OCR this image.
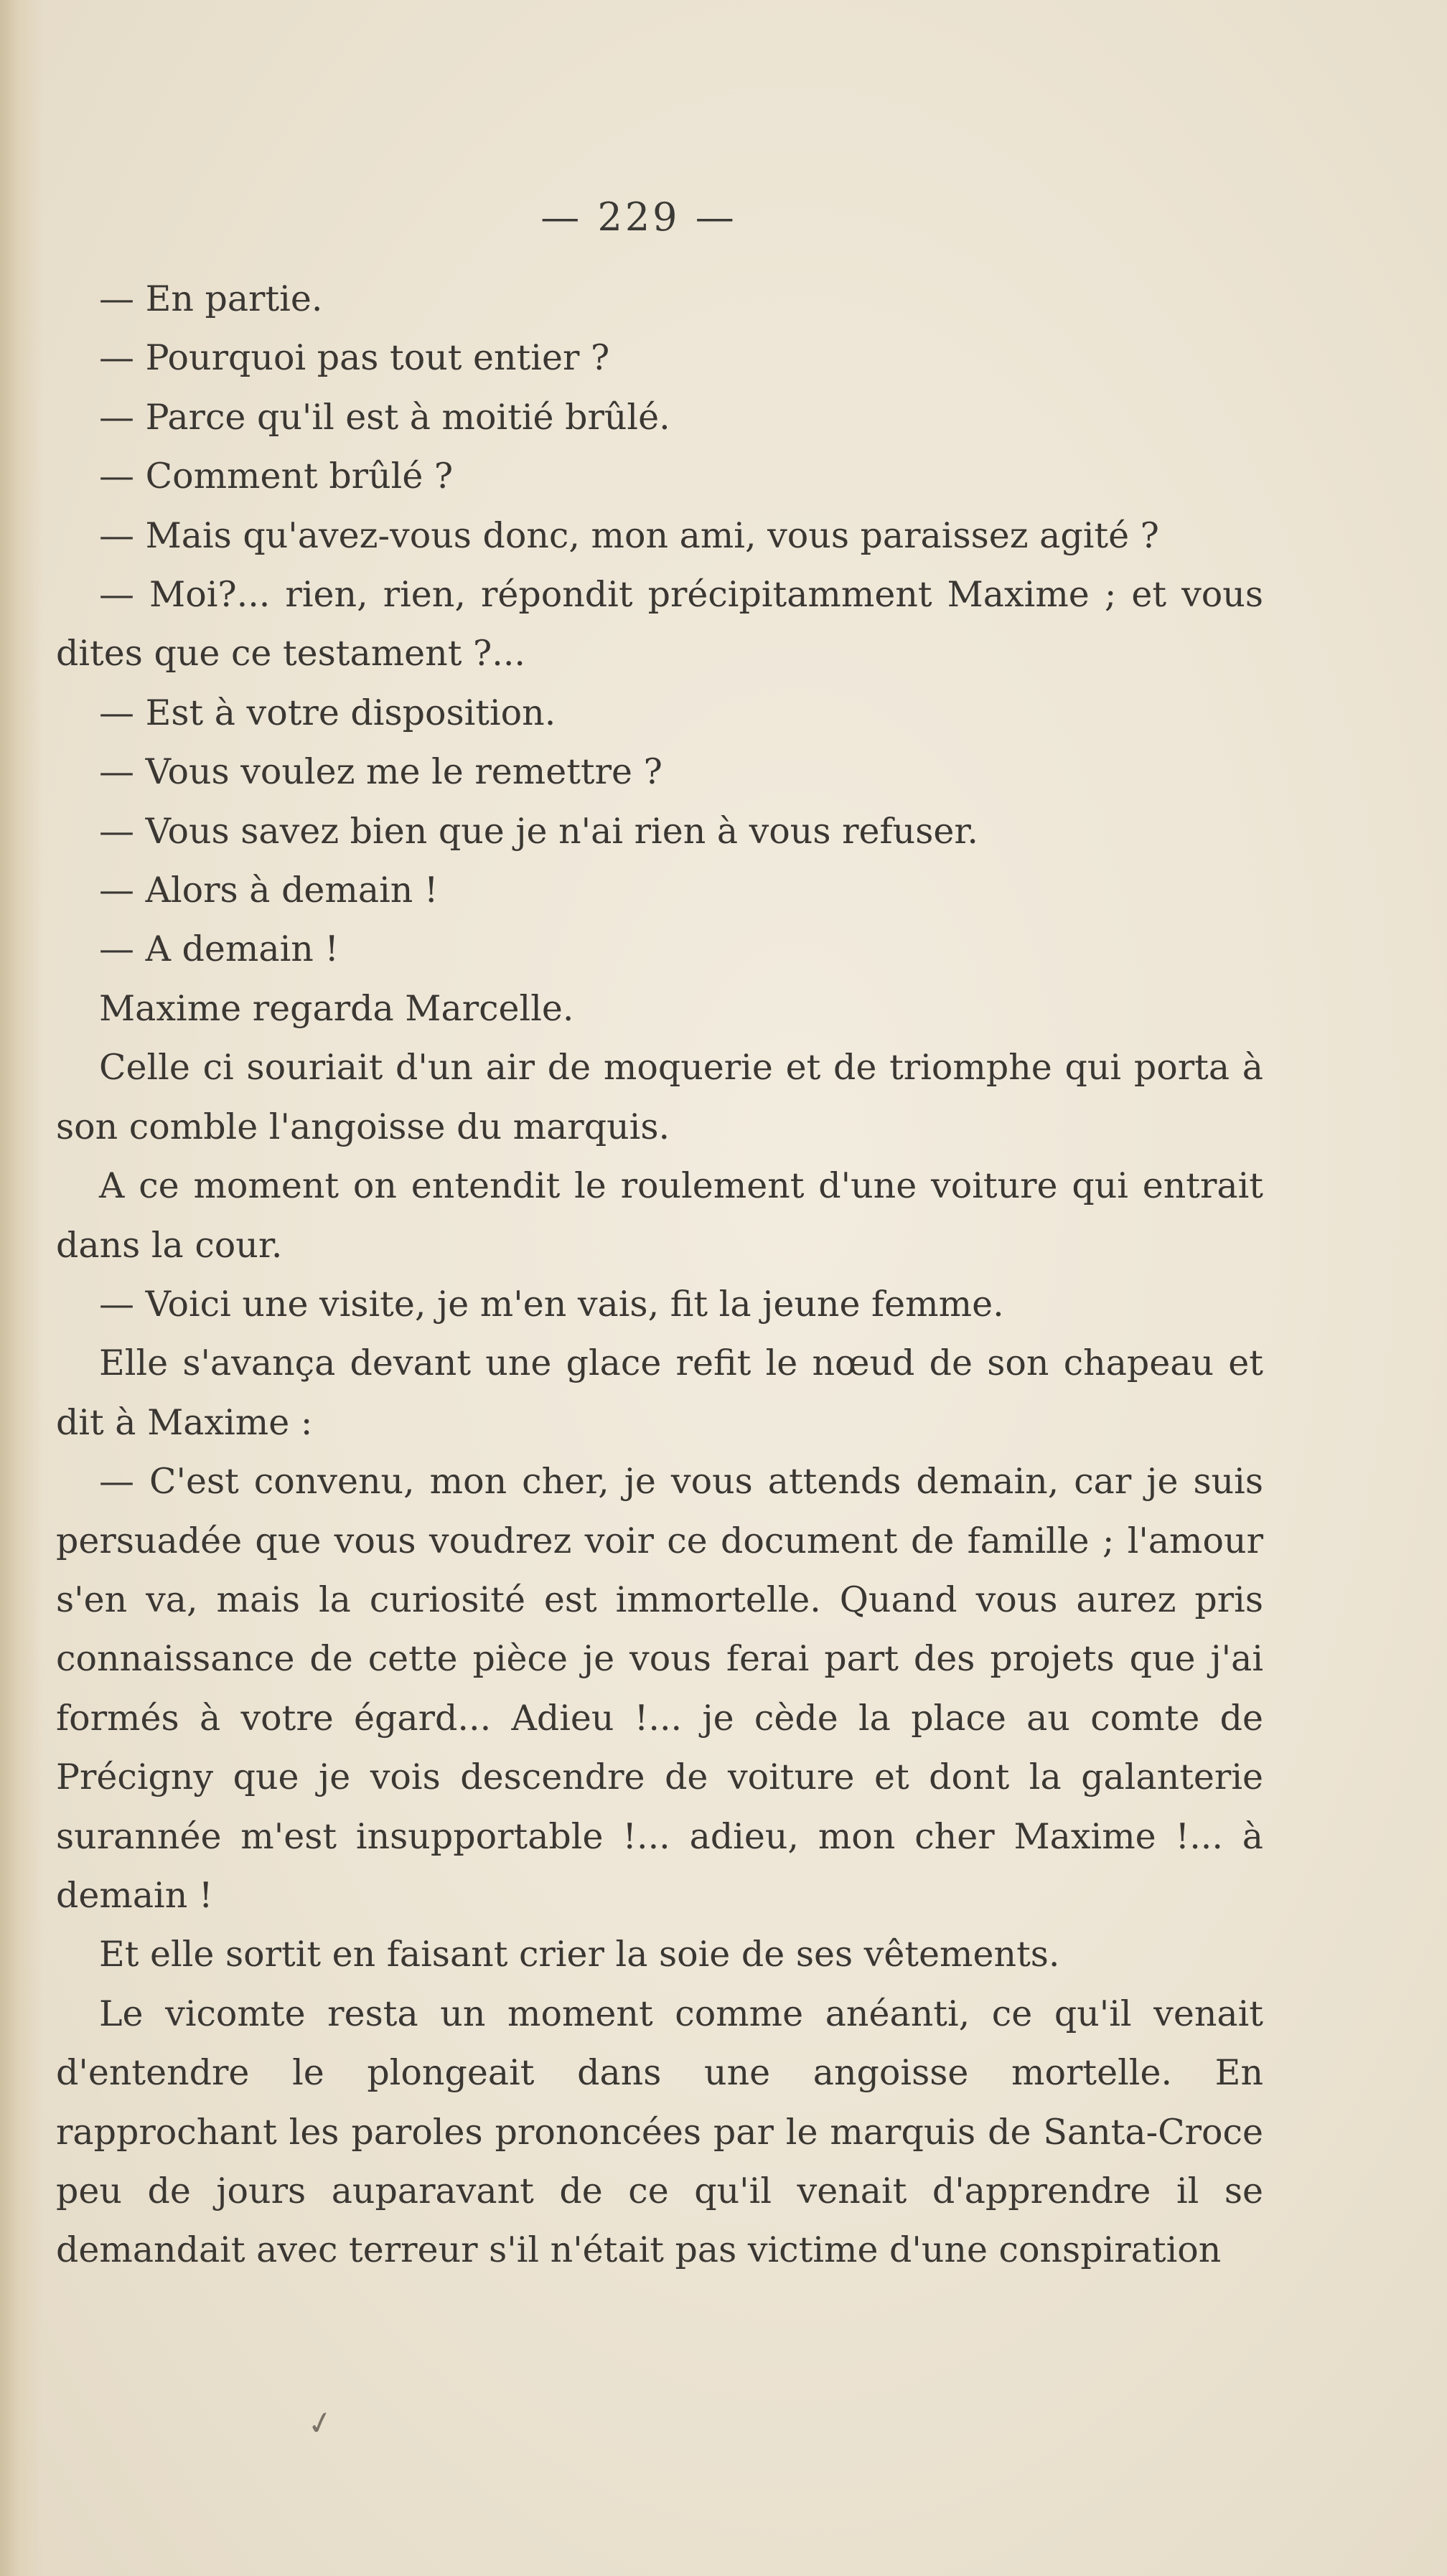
— 229 —

— En partie.

— Pourquoi pas tout entier ?

— Parce qu'il est à moitié brûlé.

— Comment brûlé ?

— Mais qu'avez-vous donc, mon ami, vous paraissez agité ?

— Moi?... rien, rien, répondit précipitamment Maxime ; et vous dites que ce testament ?...

— Est à votre disposition.

— Vous voulez me le remettre ?

— Vous savez bien que je n'ai rien à vous refuser.

— Alors à demain !

— A demain !

Maxime regarda Marcelle.

Celle ci souriait d'un air de moquerie et de triomphe qui porta à son comble l'angoisse du marquis.

A ce moment on entendit le roulement d'une voiture qui entrait dans la cour.

— Voici une visite, je m'en vais, fit la jeune femme.

Elle s'avança devant une glace refit le nœud de son chapeau et dit à Maxime :

— C'est convenu, mon cher, je vous attends demain, car je suis persuadée que vous voudrez voir ce document de famille ; l'amour s'en va, mais la curiosité est immortelle. Quand vous aurez pris connaissance de cette pièce je vous ferai part des projets que j'ai formés à votre égard... Adieu !... je cède la place au comte de Précigny que je vois descendre de voiture et dont la galanterie surannée m'est insupportable !... adieu, mon cher Maxime !... à demain !

Et elle sortit en faisant crier la soie de ses vêtements.

Le vicomte resta un moment comme anéanti, ce qu'il venait d'entendre le plongeait dans une angoisse mortelle. En rapprochant les paroles prononcées par le marquis de Santa-Croce peu de jours auparavant de ce qu'il venait d'apprendre il se demandait avec terreur s'il n'était pas victime d'une conspiration

✓
